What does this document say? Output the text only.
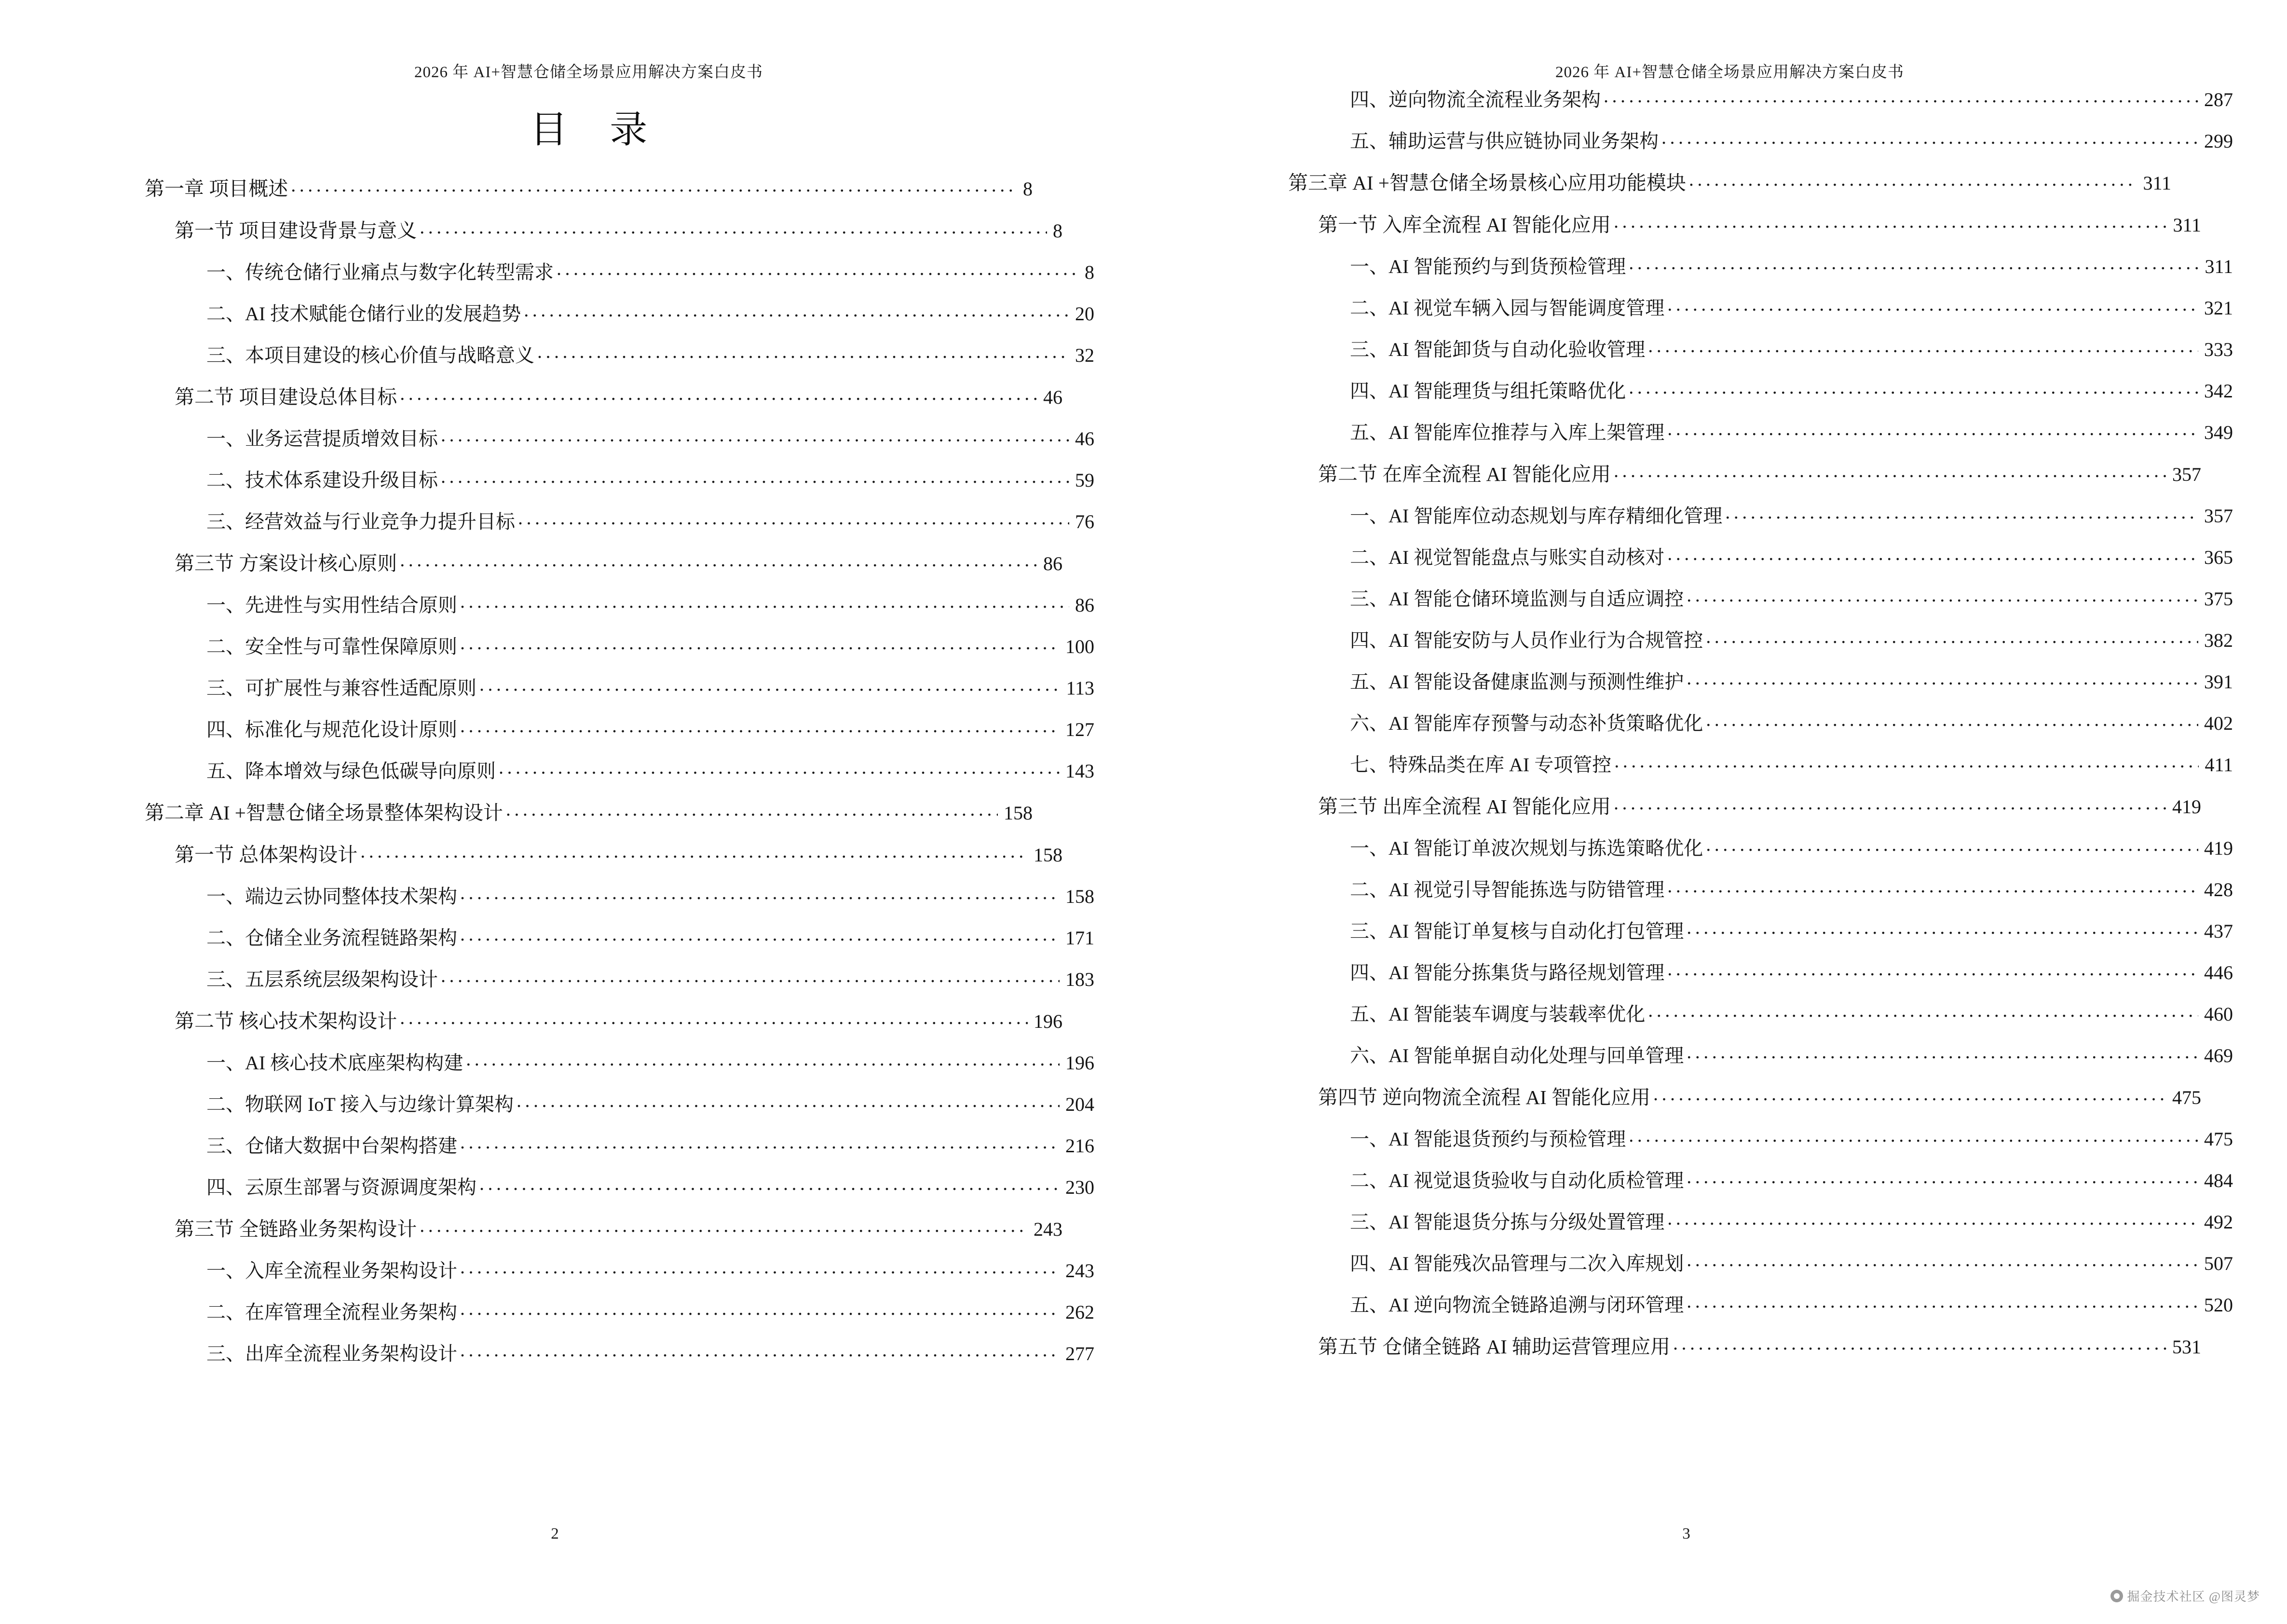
2026 年 AI+智慧仓储全场景应用解决方案白皮书
目 录
第一章 项目概述 .....	8
第一节 项目建设背景与意义 .....	8
一、传统仓储行业痛点与数字化转型需求 .....	8
二、AI 技术赋能仓储行业的发展趋势 .....	20
三、本项目建设的核心价值与战略意义 .....	32
第二节 项目建设总体目标 .....	46
一、业务运营提质增效目标 .....	46
二、技术体系建设升级目标 .....	59
三、经营效益与行业竞争力提升目标 .....	76
第三节 方案设计核心原则 .....	86
一、先进性与实用性结合原则 .....	86
二、安全性与可靠性保障原则 .....	100
三、可扩展性与兼容性适配原则 .....	113
四、标准化与规范化设计原则 .....	127
五、降本增效与绿色低碳导向原则 .....	143
第二章 AI +智慧仓储全场景整体架构设计 .....	158
第一节 总体架构设计 .....	158
一、端边云协同整体技术架构 .....	158
二、仓储全业务流程链路架构 .....	171
三、五层系统层级架构设计 .....	183
第二节 核心技术架构设计 .....	196
一、AI 核心技术底座架构构建 .....	196
二、物联网 IoT 接入与边缘计算架构 .....	204
三、仓储大数据中台架构搭建 .....	216
四、云原生部署与资源调度架构 .....	230
第三节 全链路业务架构设计 .....	243
一、入库全流程业务架构设计 .....	243
二、在库管理全流程业务架构 .....	262
三、出库全流程业务架构设计 .....	277
2
2026 年 AI+智慧仓储全场景应用解决方案白皮书
四、逆向物流全流程业务架构 .....	287
五、辅助运营与供应链协同业务架构 .....	299
第三章 AI +智慧仓储全场景核心应用功能模块 .....	311
第一节 入库全流程 AI 智能化应用 .....	311
一、AI 智能预约与到货预检管理 .....	311
二、AI 视觉车辆入园与智能调度管理 .....	321
三、AI 智能卸货与自动化验收管理 .....	333
四、AI 智能理货与组托策略优化 .....	342
五、AI 智能库位推荐与入库上架管理 .....	349
第二节 在库全流程 AI 智能化应用 .....	357
一、AI 智能库位动态规划与库存精细化管理 .....	357
二、AI 视觉智能盘点与账实自动核对 .....	365
三、AI 智能仓储环境监测与自适应调控 .....	375
四、AI 智能安防与人员作业行为合规管控 .....	382
五、AI 智能设备健康监测与预测性维护 .....	391
六、AI 智能库存预警与动态补货策略优化 .....	402
七、特殊品类在库 AI 专项管控 .....	411
第三节 出库全流程 AI 智能化应用 .....	419
一、AI 智能订单波次规划与拣选策略优化 .....	419
二、AI 视觉引导智能拣选与防错管理 .....	428
三、AI 智能订单复核与自动化打包管理 .....	437
四、AI 智能分拣集货与路径规划管理 .....	446
五、AI 智能装车调度与装载率优化 .....	460
六、AI 智能单据自动化处理与回单管理 .....	469
第四节 逆向物流全流程 AI 智能化应用 .....	475
一、AI 智能退货预约与预检管理 .....	475
二、AI 视觉退货验收与自动化质检管理 .....	484
三、AI 智能退货分拣与分级处置管理 .....	492
四、AI 智能残次品管理与二次入库规划 .....	507
五、AI 逆向物流全链路追溯与闭环管理 .....	520
第五节 仓储全链路 AI 辅助运营管理应用 .....	531
3
掘金技术社区 @图灵梦
